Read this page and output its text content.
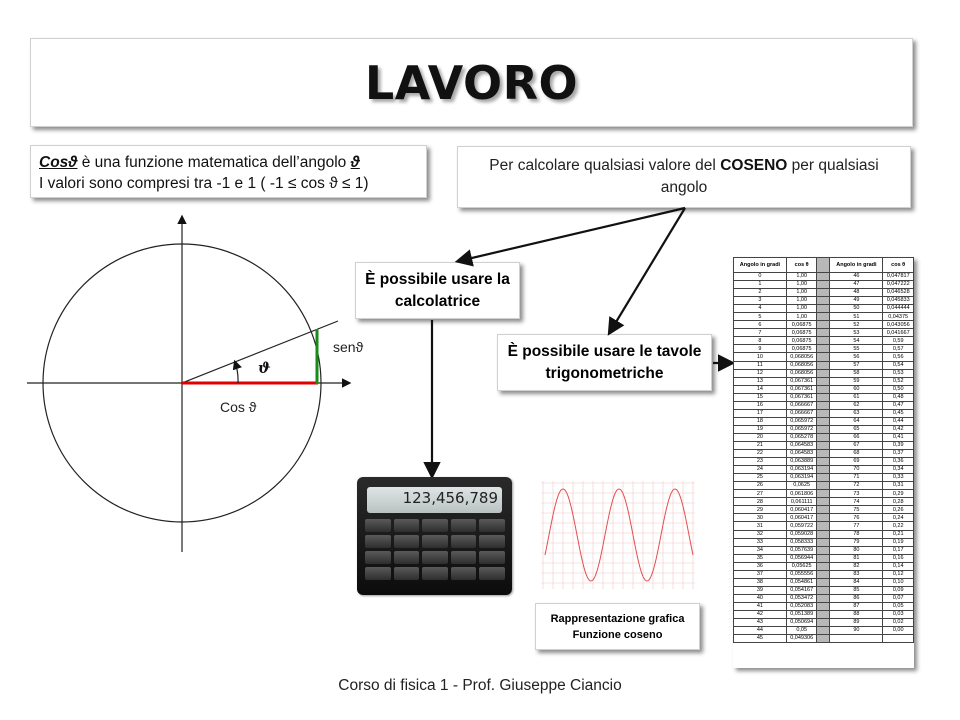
LAVORO
Cosϑ è una funzione matematica dell’angolo ϑ
I valori sono compresi tra -1 e 1 ( -1 ≤ cos ϑ ≤ 1)
Per calcolare qualsiasi valore del COSENO per qualsiasi angolo
È possibile usare la calcolatrice
È possibile usare le tavole trigonometriche
ϑ
senϑ
Cos ϑ
123,456,789
Rappresentazione grafica
Funzione coseno
Angolo in gradi	cos θ		Angolo in gradi	cos θ
0	1,00		46	0,047817
1	1,00		47	0,047222
2	1,00		48	0,046528
3	1,00		49	0,045833
4	1,00		50	0,044444
5	1,00		51	0,04375
6	0,06875		52	0,043056
7	0,06875		53	0,041667
8	0,06875		54	0,59
9	0,06875		55	0,57
10	0,068056		56	0,56
11	0,068056		57	0,54
12	0,068056		58	0,53
13	0,067361		59	0,52
14	0,067361		60	0,50
15	0,067361		61	0,48
16	0,066667		62	0,47
17	0,066667		63	0,45
18	0,065972		64	0,44
19	0,065972		65	0,42
20	0,065278		66	0,41
21	0,064583		67	0,39
22	0,064583		68	0,37
23	0,063889		69	0,36
24	0,063194		70	0,34
25	0,063194		71	0,33
26	0,0625		72	0,31
27	0,061806		73	0,29
28	0,061111		74	0,28
29	0,060417		75	0,26
30	0,060417		76	0,24
31	0,059722		77	0,22
32	0,059028		78	0,21
33	0,058333		79	0,19
34	0,057639		80	0,17
35	0,056944		81	0,16
36	0,05625		82	0,14
37	0,055556		83	0,12
38	0,054861		84	0,10
39	0,054167		85	0,09
40	0,053472		86	0,07
41	0,052083		87	0,05
42	0,051389		88	0,03
43	0,050694		89	0,02
44	0,05		90	0,00
45	0,049306			
Corso di fisica 1 - Prof. Giuseppe Ciancio
